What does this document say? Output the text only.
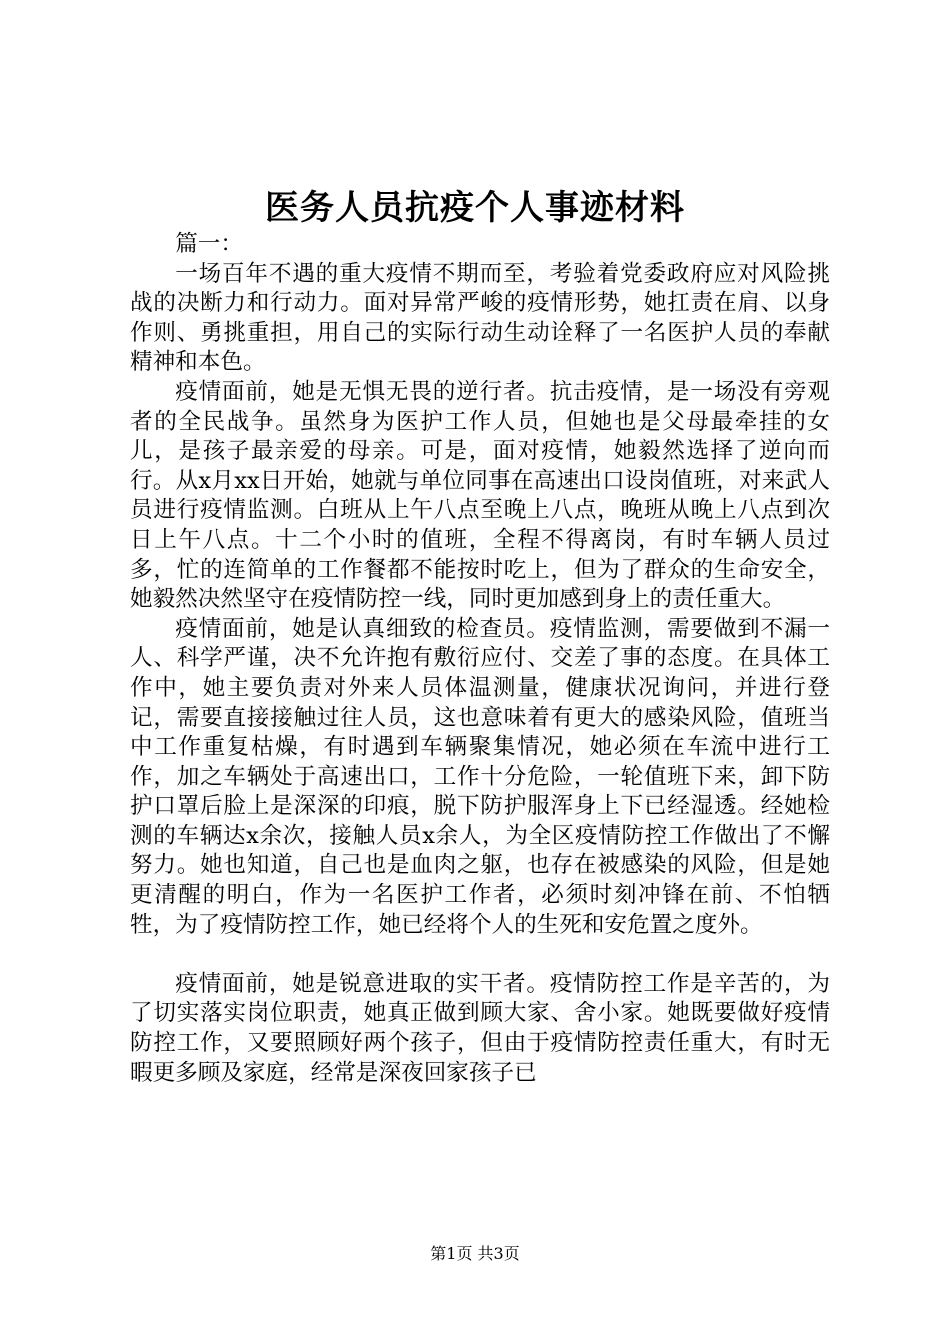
医务人员抗疫个人事迹材料

篇一：

一场百年不遇的重大疫情不期而至，考验着党委政府应对风险挑战的决断力和行动力。面对异常严峻的疫情形势，她扛责在肩、以身作则、勇挑重担，用自己的实际行动生动诠释了一名医护人员的奉献精神和本色。

疫情面前，她是无惧无畏的逆行者。抗击疫情，是一场没有旁观者的全民战争。虽然身为医护工作人员，但她也是父母最牵挂的女儿，是孩子最亲爱的母亲。可是，面对疫情，她毅然选择了逆向而行。从x月xx日开始，她就与单位同事在高速出口设岗值班，对来武人员进行疫情监测。白班从上午八点至晚上八点，晚班从晚上八点到次日上午八点。十二个小时的值班，全程不得离岗，有时车辆人员过多，忙的连简单的工作餐都不能按时吃上，但为了群众的生命安全，她毅然决然坚守在疫情防控一线，同时更加感到身上的责任重大。

疫情面前，她是认真细致的检查员。疫情监测，需要做到不漏一人、科学严谨，决不允许抱有敷衍应付、交差了事的态度。在具体工作中，她主要负责对外来人员体温测量，健康状况询问，并进行登记，需要直接接触过往人员，这也意味着有更大的感染风险，值班当中工作重复枯燥，有时遇到车辆聚集情况，她必须在车流中进行工作，加之车辆处于高速出口，工作十分危险，一轮值班下来，卸下防护口罩后脸上是深深的印痕，脱下防护服浑身上下已经湿透。经她检测的车辆达x余次，接触人员x余人，为全区疫情防控工作做出了不懈努力。她也知道，自己也是血肉之躯，也存在被感染的风险，但是她更清醒的明白，作为一名医护工作者，必须时刻冲锋在前、不怕牺牲，为了疫情防控工作，她已经将个人的生死和安危置之度外。

疫情面前，她是锐意进取的实干者。疫情防控工作是辛苦的，为了切实落实岗位职责，她真正做到顾大家、舍小家。她既要做好疫情防控工作，又要照顾好两个孩子，但由于疫情防控责任重大，有时无暇更多顾及家庭，经常是深夜回家孩子已

第1页 共3页
